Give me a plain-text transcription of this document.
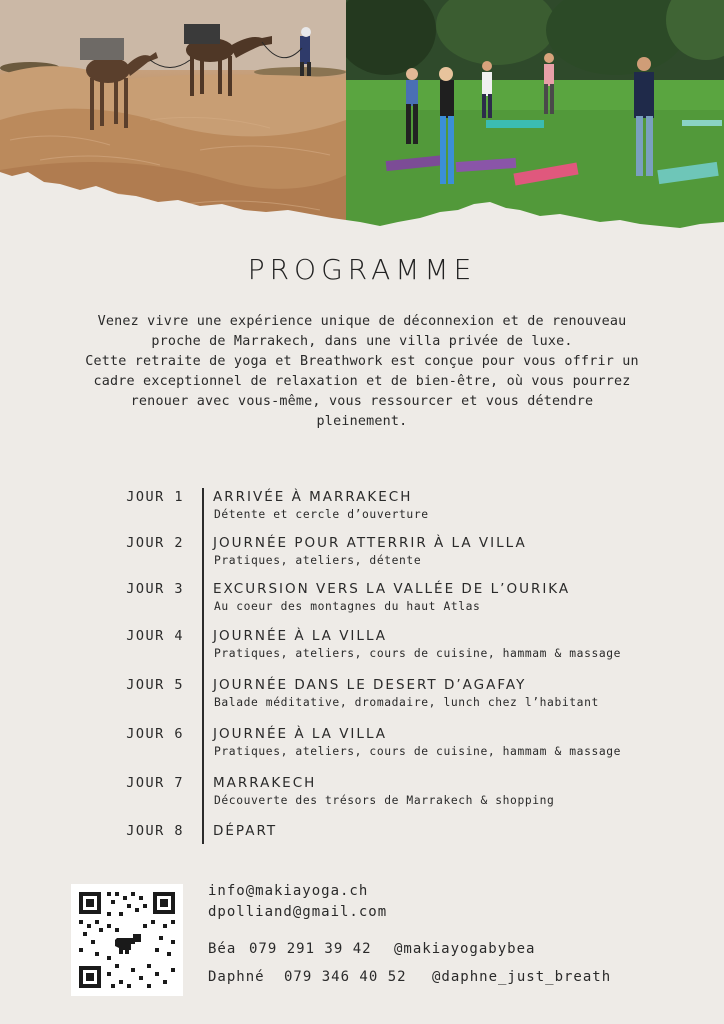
PROGRAMME
Venez vivre une expérience unique de déconnexion et de renouveau
proche de Marrakech, dans une villa privée de luxe.
Cette retraite de yoga et Breathwork est conçue pour vous offrir un
cadre exceptionnel de relaxation et de bien-être, où vous pourrez
renouer avec vous-même, vous ressourcer et vous détendre
pleinement.
JOUR 1 ARRIVÉE À MARRAKECH
Détente et cercle d’ouverture
JOUR 2 JOURNÉE POUR ATTERRIR À LA VILLA
Pratiques, ateliers, détente
JOUR 3 EXCURSION VERS LA VALLÉE DE L’OURIKA
Au coeur des montagnes du haut Atlas
JOUR 4 JOURNÉE À LA VILLA
Pratiques, ateliers, cours de cuisine, hammam & massage
JOUR 5 JOURNÉE DANS LE DESERT D’AGAFAY
Balade méditative, dromadaire, lunch chez l’habitant
JOUR 6 JOURNÉE À LA VILLA
Pratiques, ateliers, cours de cuisine, hammam & massage
JOUR 7 MARRAKECH
Découverte des trésors de Marrakech & shopping
JOUR 8 DÉPART
info@makiayoga.ch
dpolliand@gmail.com
Béa 079 291 39 42 @makiayogabybea
Daphné 079 346 40 52 @daphne_just_breath
